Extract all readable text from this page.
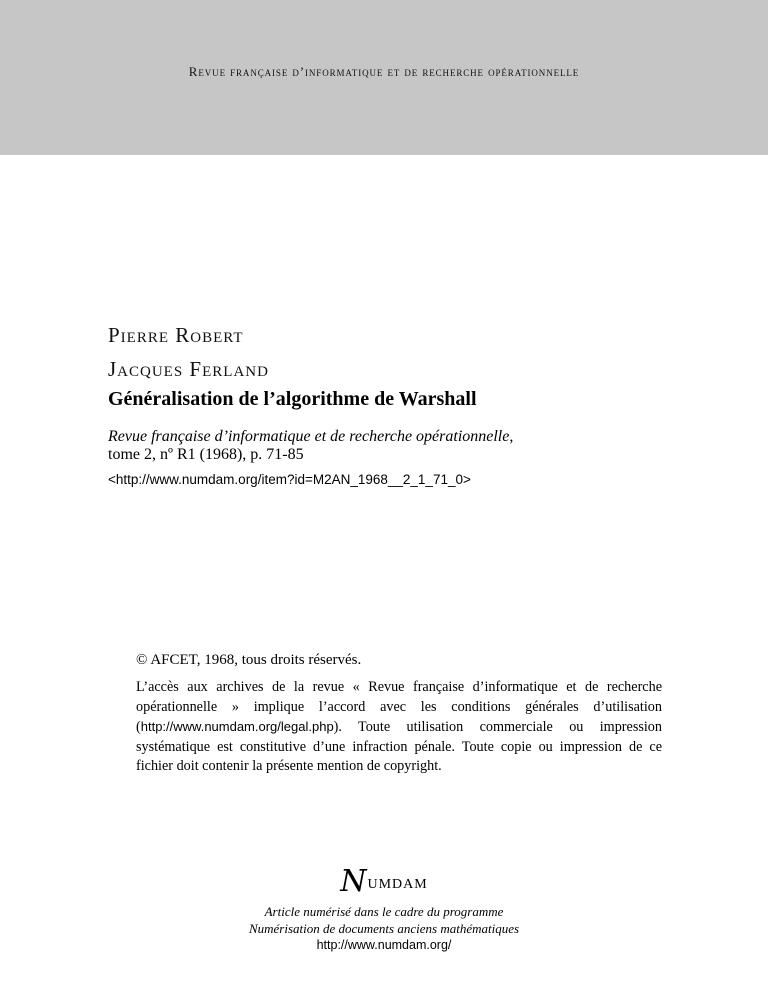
Revue française d’informatique et de recherche opérationnelle
Pierre Robert
Jacques Ferland
Généralisation de l’algorithme de Warshall
Revue française d’informatique et de recherche opérationnelle,
tome 2, nº R1 (1968), p. 71-85
<http://www.numdam.org/item?id=M2AN_1968__2_1_71_0>
© AFCET, 1968, tous droits réservés.
L’accès aux archives de la revue « Revue française d’informatique et de recherche opérationnelle » implique l’accord avec les conditions générales d’utilisation (http://www.numdam.org/legal.php). Toute utilisation commerciale ou impression systématique est constitutive d’une infraction pénale. Toute copie ou impression de ce fichier doit contenir la présente mention de copyright.
Numdam
Article numérisé dans le cadre du programme
Numérisation de documents anciens mathématiques
http://www.numdam.org/
